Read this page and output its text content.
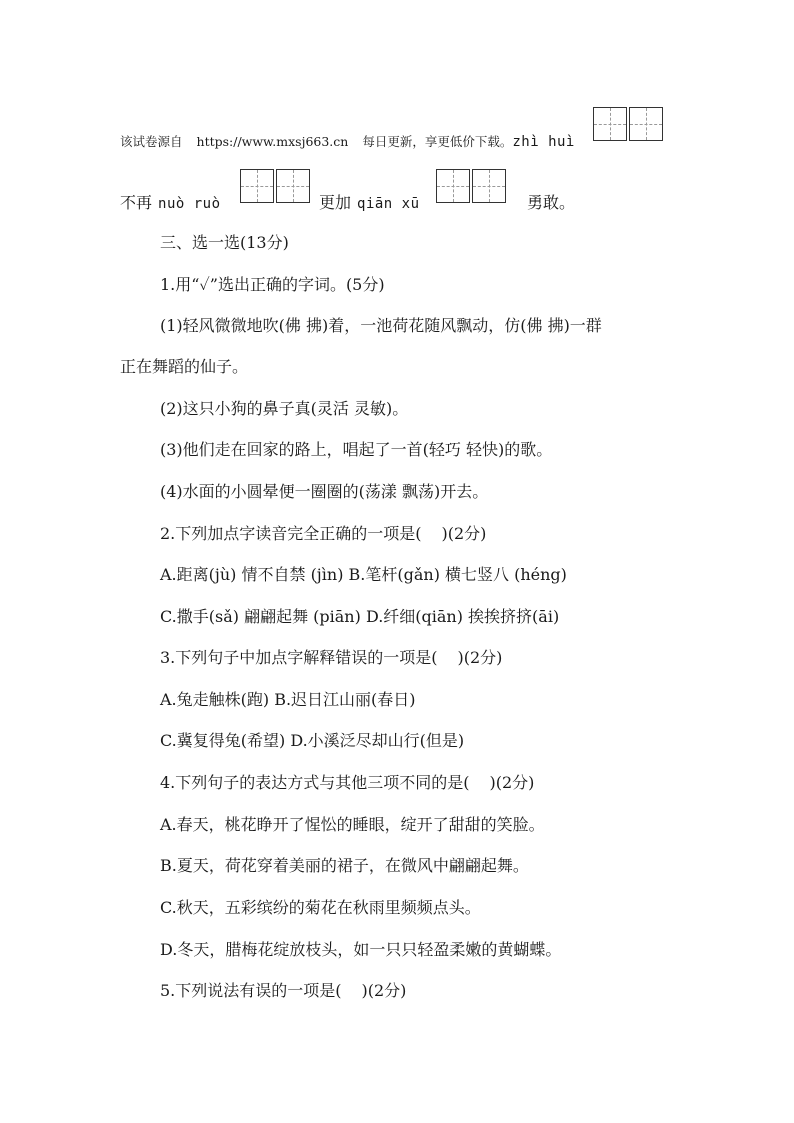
该试卷源自 https://www.mxsj663.cn 每日更新，享更低价下载。zhì huì
不再 nuò ruò	更加 qiān xū	勇敢。
三、选一选(13分)
1.用“✓”选出正确的字词。(5分)
(1)轻风微微地吹(佛 拂)着，一池荷花随风飘动，仿(佛 拂)一群
正在舞蹈的仙子。
(2)这只小狗的鼻子真(灵活 灵敏)。
(3)他们走在回家的路上，唱起了一首(轻巧 轻快)的歌。
(4)水面的小圆晕便一圈圈的(荡漾 飘荡)开去。
2.下列加点字读音完全正确的一项是( )(2分)
A.距离(jù) 情不自禁 (jìn) B.笔杆(gǎn) 横七竖八 (héng)
C.撒手(sǎ) 翩翩起舞 (piān) D.纤细(qiān) 挨挨挤挤(āi)
3.下列句子中加点字解释错误的一项是( )(2分)
A.兔走触株(跑) B.迟日江山丽(春日)
C.冀复得兔(希望) D.小溪泛尽却山行(但是)
4.下列句子的表达方式与其他三项不同的是( )(2分)
A.春天，桃花睁开了惺忪的睡眼，绽开了甜甜的笑脸。
B.夏天，荷花穿着美丽的裙子，在微风中翩翩起舞。
C.秋天，五彩缤纷的菊花在秋雨里频频点头。
D.冬天，腊梅花绽放枝头，如一只只轻盈柔嫩的黄蝴蝶。
5.下列说法有误的一项是( )(2分)
